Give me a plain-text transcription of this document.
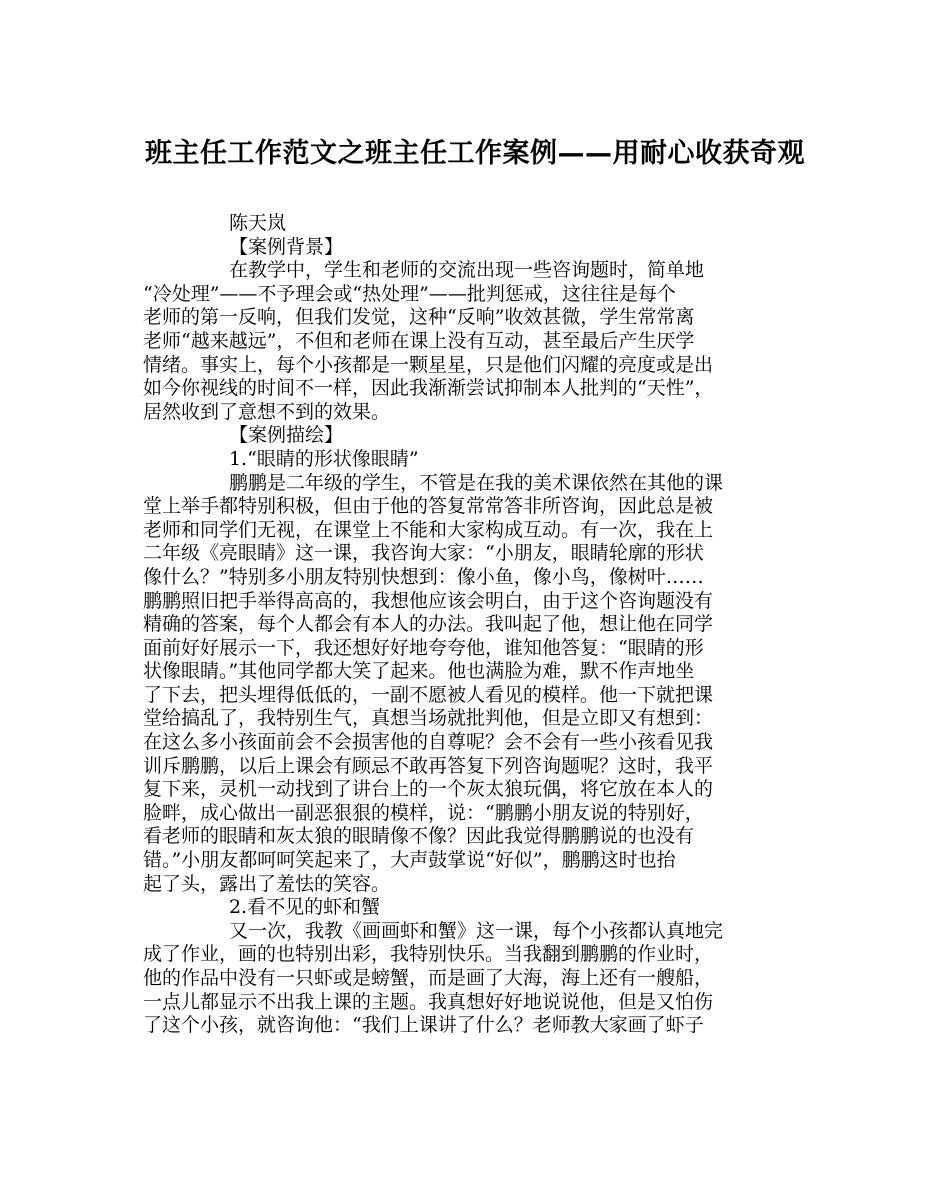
班主任工作范文之班主任工作案例——用耐心收获奇观
陈天岚
【案例背景】
在教学中，学生和老师的交流出现一些咨询题时，简单地
“冷处理”——不予理会或“热处理”——批判惩戒，这往往是每个
老师的第一反响，但我们发觉，这种“反响”收效甚微，学生常常离
老师“越来越远”，不但和老师在课上没有互动，甚至最后产生厌学
情绪。事实上，每个小孩都是一颗星星，只是他们闪耀的亮度或是出
如今你视线的时间不一样，因此我渐渐尝试抑制本人批判的“天性”，
居然收到了意想不到的效果。
【案例描绘】
1.“眼睛的形状像眼睛”
鹏鹏是二年级的学生，不管是在我的美术课依然在其他的课
堂上举手都特别积极，但由于他的答复常常答非所咨询，因此总是被
老师和同学们无视，在课堂上不能和大家构成互动。有一次，我在上
二年级《亮眼睛》这一课，我咨询大家：“小朋友，眼睛轮廓的形状
像什么？”特别多小朋友特别快想到：像小鱼，像小鸟，像树叶……
鹏鹏照旧把手举得高高的，我想他应该会明白，由于这个咨询题没有
精确的答案，每个人都会有本人的办法。我叫起了他，想让他在同学
面前好好展示一下，我还想好好地夸夸他，谁知他答复：“眼睛的形
状像眼睛。”其他同学都大笑了起来。他也满脸为难，默不作声地坐
了下去，把头埋得低低的，一副不愿被人看见的模样。他一下就把课
堂给搞乱了，我特别生气，真想当场就批判他，但是立即又有想到：
在这么多小孩面前会不会损害他的自尊呢？会不会有一些小孩看见我
训斥鹏鹏，以后上课会有顾忌不敢再答复下列咨询题呢？这时，我平
复下来，灵机一动找到了讲台上的一个灰太狼玩偶，将它放在本人的
脸畔，成心做出一副恶狠狠的模样，说：“鹏鹏小朋友说的特别好，
看老师的眼睛和灰太狼的眼睛像不像？因此我觉得鹏鹏说的也没有
错。”小朋友都呵呵笑起来了，大声鼓掌说“好似”，鹏鹏这时也抬
起了头，露出了羞怯的笑容。
2.看不见的虾和蟹
又一次，我教《画画虾和蟹》这一课，每个小孩都认真地完
成了作业，画的也特别出彩，我特别快乐。当我翻到鹏鹏的作业时，
他的作品中没有一只虾或是螃蟹，而是画了大海，海上还有一艘船，
一点儿都显示不出我上课的主题。我真想好好地说说他，但是又怕伤
了这个小孩，就咨询他：“我们上课讲了什么？老师教大家画了虾子
